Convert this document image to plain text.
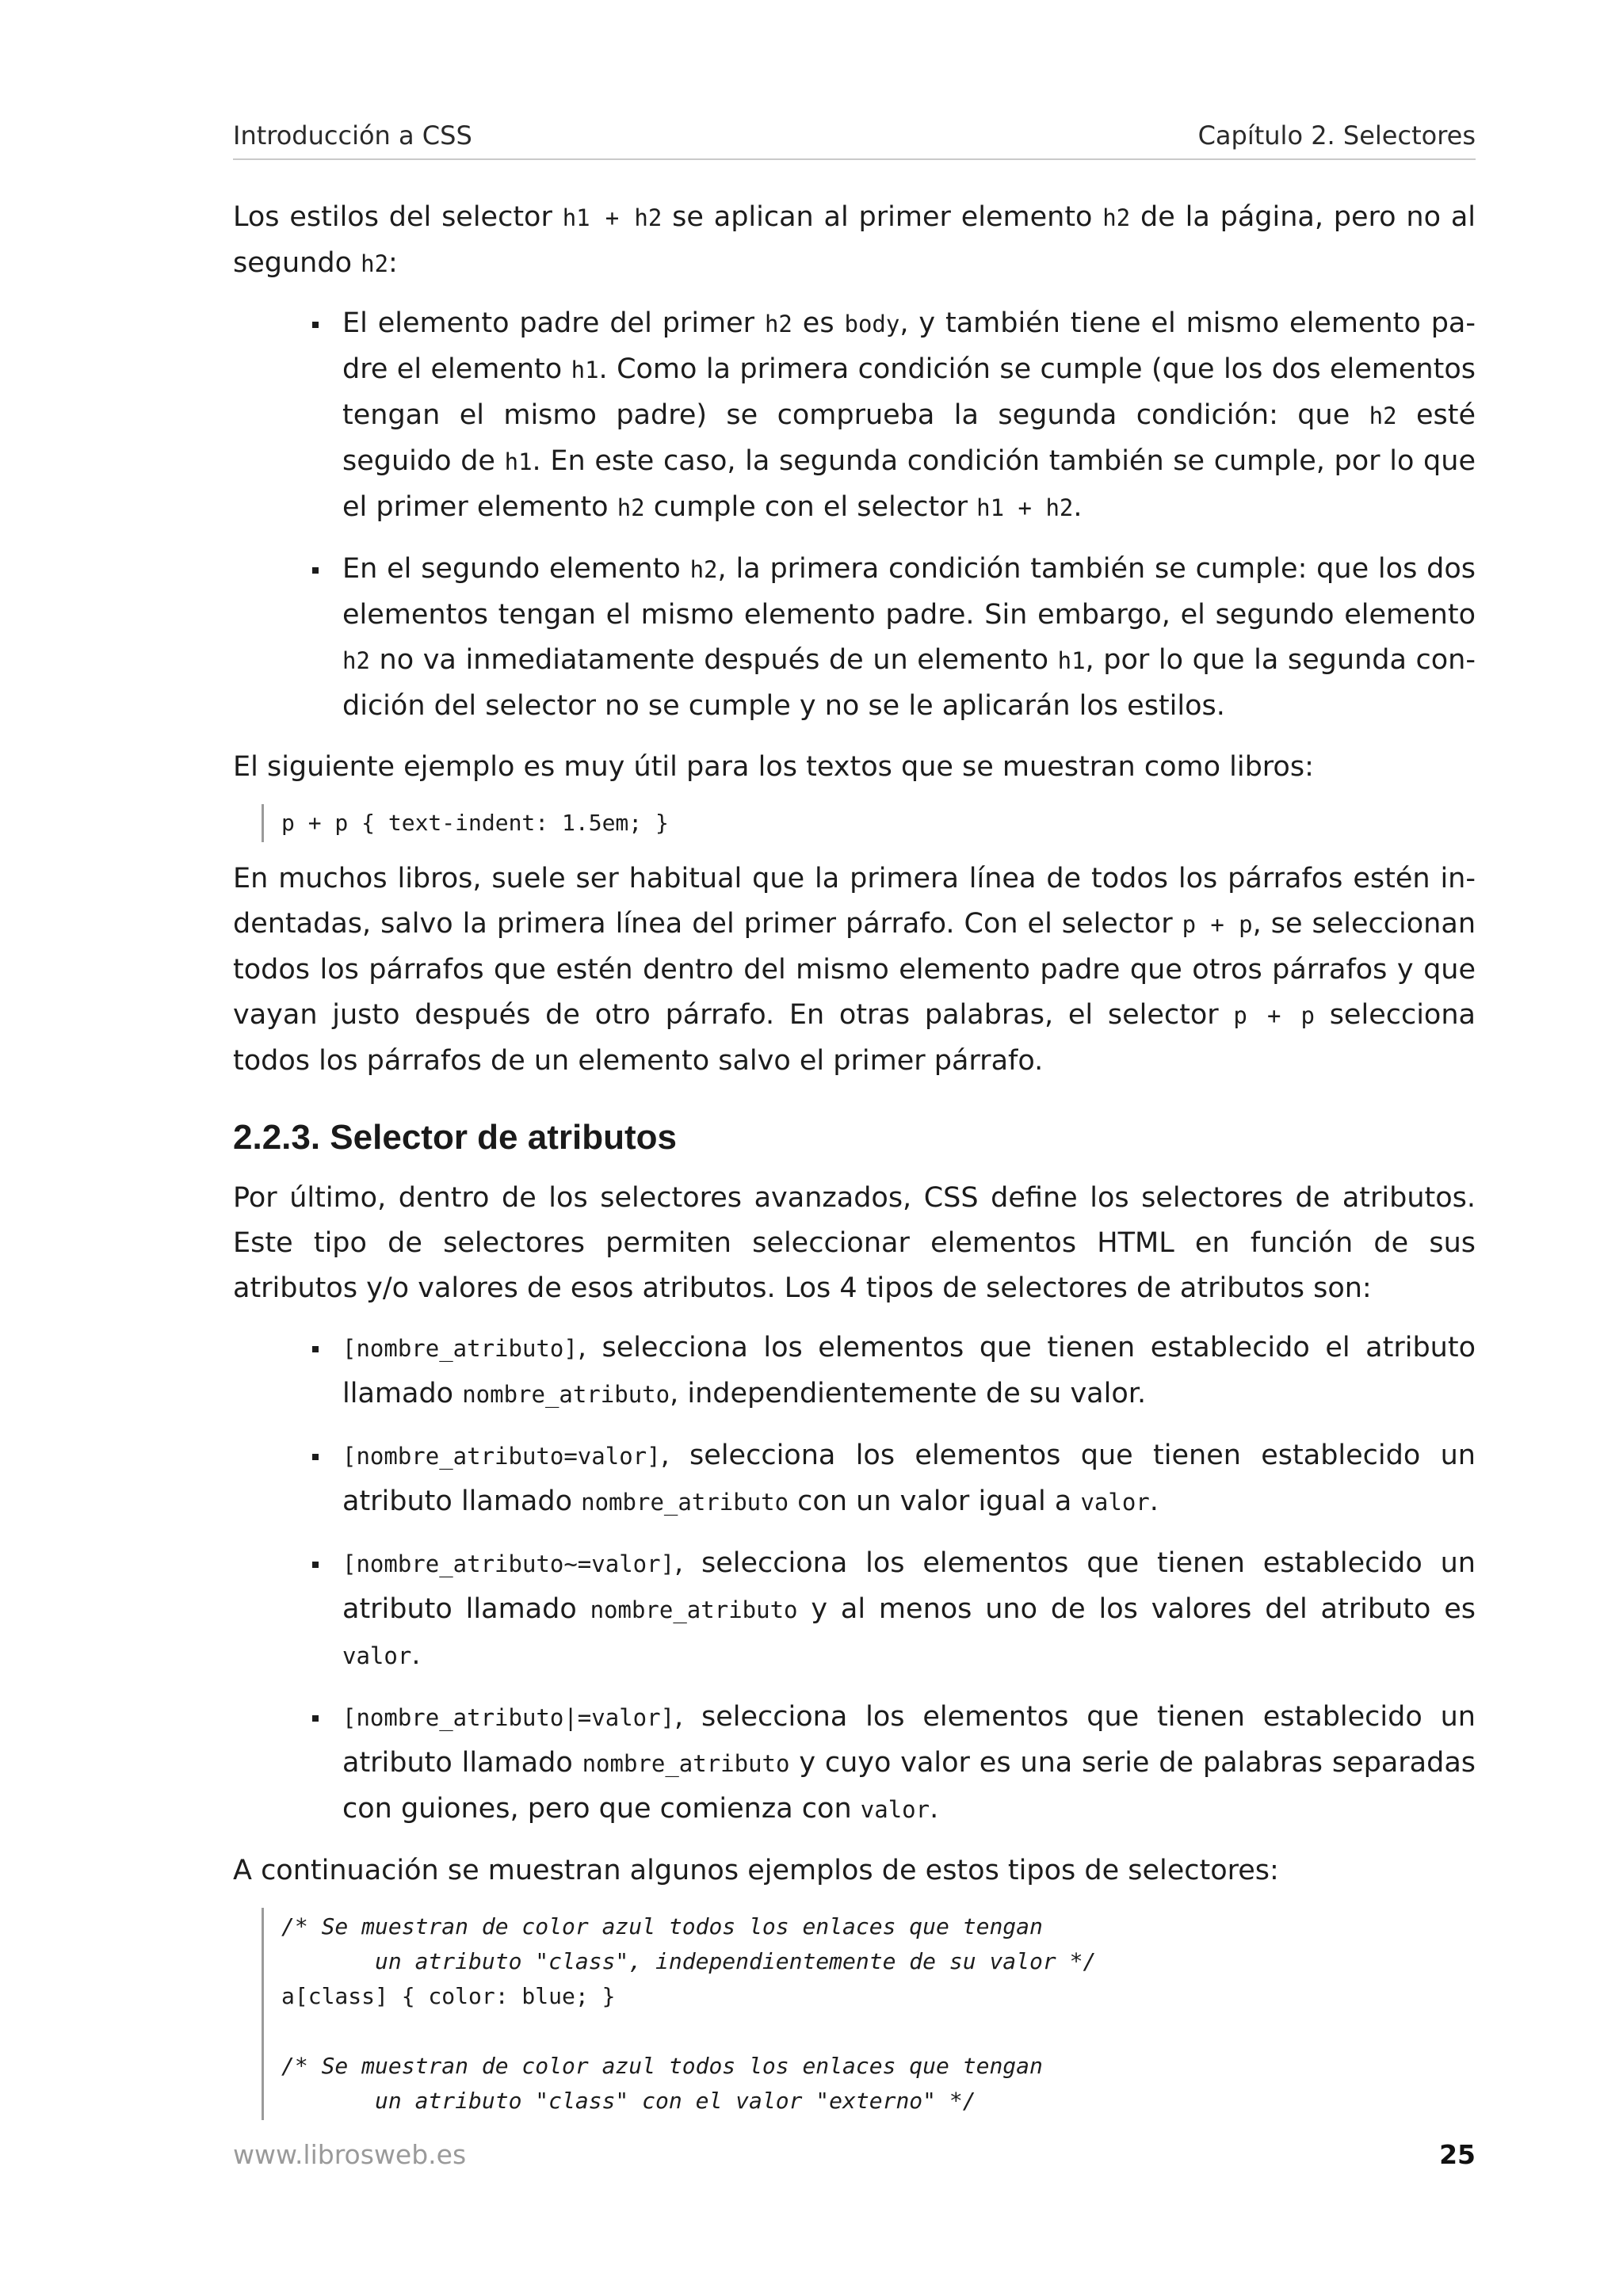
Introducción a CSS	Capítulo 2. Selectores

Los estilos del selector h1 + h2 se aplican al primer elemento h2 de la página, pero no al segundo h2:

El elemento padre del primer h2 es body, y también tiene el mismo elemento padre el elemento h1. Como la primera condición se cumple (que los dos elementos tengan el mismo padre) se comprueba la segunda condición: que h2 esté seguido de h1. En este caso, la segunda condición también se cumple, por lo que el primer elemento h2 cumple con el selector h1 + h2.
En el segundo elemento h2, la primera condición también se cumple: que los dos elementos tengan el mismo elemento padre. Sin embargo, el segundo elemento h2 no va inmediatamente después de un elemento h1, por lo que la segunda condición del selector no se cumple y no se le aplicarán los estilos.

El siguiente ejemplo es muy útil para los textos que se muestran como libros:

p + p { text-indent: 1.5em; }

En muchos libros, suele ser habitual que la primera línea de todos los párrafos estén indentadas, salvo la primera línea del primer párrafo. Con el selector p + p, se seleccionan todos los párrafos que estén dentro del mismo elemento padre que otros párrafos y que vayan justo después de otro párrafo. En otras palabras, el selector p + p selecciona todos los párrafos de un elemento salvo el primer párrafo.

2.2.3. Selector de atributos

Por último, dentro de los selectores avanzados, CSS define los selectores de atributos. Este tipo de selectores permiten seleccionar elementos HTML en función de sus atributos y/o valores de esos atributos. Los 4 tipos de selectores de atributos son:

[nombre_atributo], selecciona los elementos que tienen establecido el atributo llamado nombre_atributo, independientemente de su valor.
[nombre_atributo=valor], selecciona los elementos que tienen establecido un atributo llamado nombre_atributo con un valor igual a valor.
[nombre_atributo~=valor], selecciona los elementos que tienen establecido un atributo llamado nombre_atributo y al menos uno de los valores del atributo es valor.
[nombre_atributo|=valor], selecciona los elementos que tienen establecido un atributo llamado nombre_atributo y cuyo valor es una serie de palabras separadas con guiones, pero que comienza con valor.

A continuación se muestran algunos ejemplos de estos tipos de selectores:

/* Se muestran de color azul todos los enlaces que tengan
un atributo "class", independientemente de su valor */
a[class] { color: blue; }

/* Se muestran de color azul todos los enlaces que tengan
un atributo "class" con el valor "externo" */
www.librosweb.es	25
